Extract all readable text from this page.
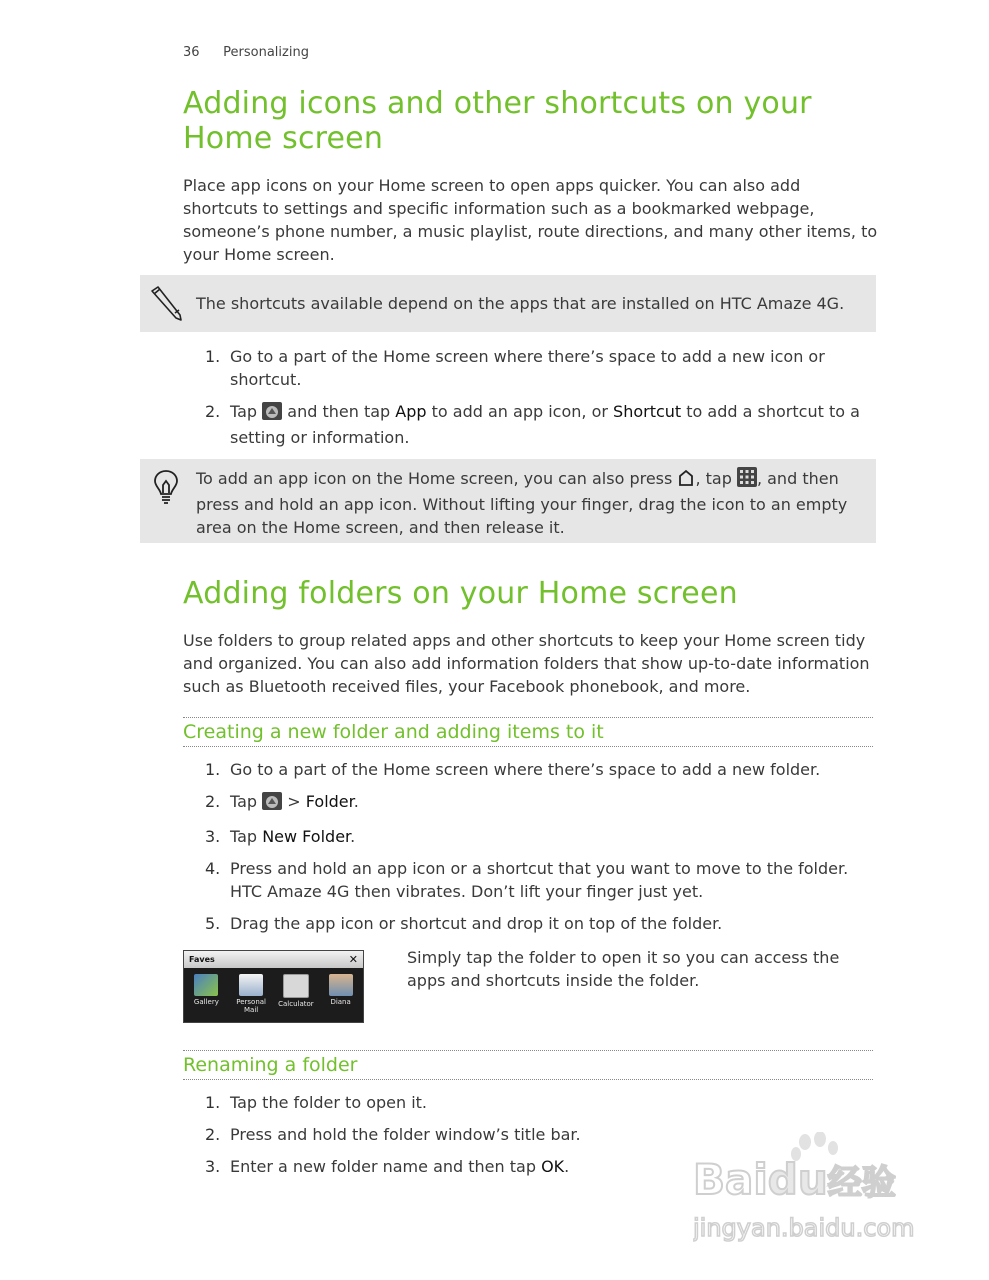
36 Personalizing
Adding icons and other shortcuts on your
Home screen

Place app icons on your Home screen to open apps quicker. You can also add shortcuts to settings and specific information such as a bookmarked webpage, someone’s phone number, a music playlist, route directions, and many other items, to your Home screen.

The shortcuts available depend on the apps that are installed on HTC Amaze 4G.
1. Go to a part of the Home screen where there’s space to add a new icon or shortcut.
2. Tap and then tap App to add an app icon, or Shortcut to add a shortcut to a setting or information.
To add an app icon on the Home screen, you can also press , tap , and then press and hold an app icon. Without lifting your finger, drag the icon to an empty area on the Home screen, and then release it.
Adding folders on your Home screen

Use folders to group related apps and other shortcuts to keep your Home screen tidy and organized. You can also add information folders that show up-to-date information such as Bluetooth received files, your Facebook phonebook, and more.

Creating a new folder and adding items to it
1. Go to a part of the Home screen where there’s space to add a new folder.
2. Tap > Folder.
3. Tap New Folder.
4. Press and hold an app icon or a shortcut that you want to move to the folder. HTC Amaze 4G then vibrates. Don’t lift your finger just yet.
5. Drag the app icon or shortcut and drop it on top of the folder.
Faves	✕
Gallery	Personal Mail
Calculator	Diana

Simply tap the folder to open it so you can access the apps and shortcuts inside the folder.

Renaming a folder
1. Tap the folder to open it.
2. Press and hold the folder window’s title bar.
3. Enter a new folder name and then tap OK.	Baidu经验
jingyan.baidu.com
